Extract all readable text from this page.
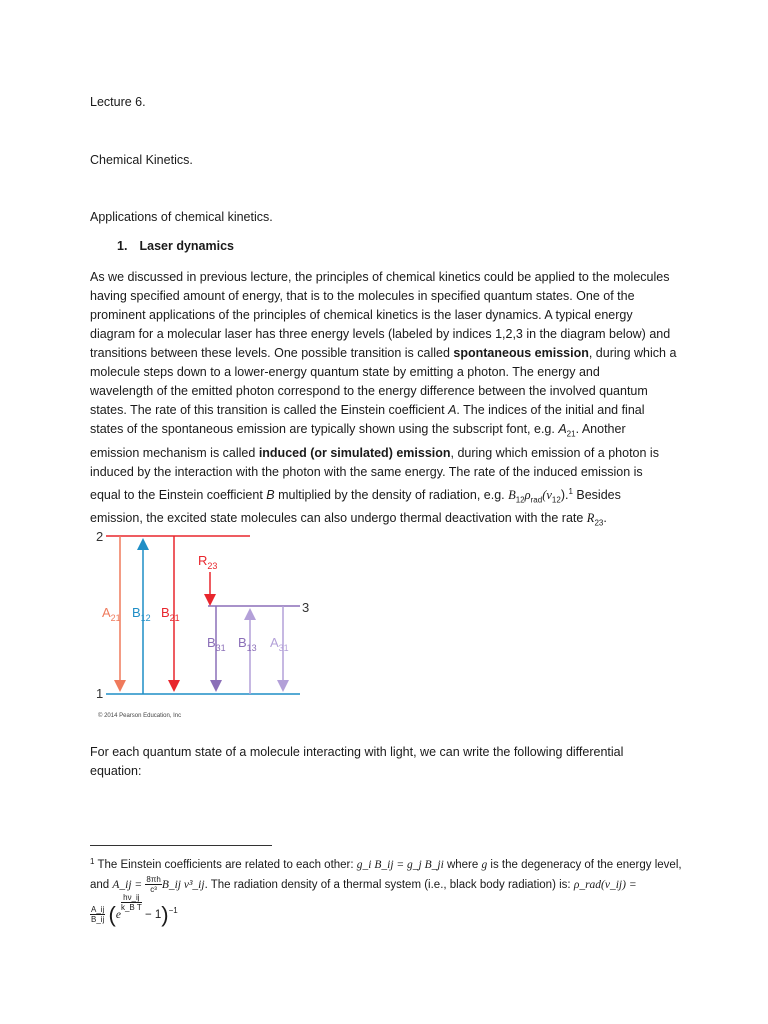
Lecture 6.
Chemical Kinetics.
Applications of chemical kinetics.
1. Laser dynamics
As we discussed in previous lecture, the principles of chemical kinetics could be applied to the molecules
having specified amount of energy, that is to the molecules in specified quantum states. One of the
prominent applications of the principles of chemical kinetics is the laser dynamics. A typical energy
diagram for a molecular laser has three energy levels (labeled by indices 1,2,3 in the diagram below) and
transitions between these levels. One possible transition is called spontaneous emission, during which a
molecule steps down to a lower-energy quantum state by emitting a photon. The energy and
wavelength of the emitted photon correspond to the energy difference between the involved quantum
states. The rate of this transition is called the Einstein coefficient A. The indices of the initial and final
states of the spontaneous emission are typically shown using the subscript font, e.g. $A_{21}$. Another
emission mechanism is called induced (or simulated) emission, during which emission of a photon is
induced by the interaction with the photon with the same energy. The rate of the induced emission is
equal to the Einstein coefficient B multiplied by the density of radiation, e.g. $B_{12}\rho_{rad}(\nu_{12}).^1$ Besides
emission, the excited state molecules can also undergo thermal deactivation with the rate $R_{23}$.
2
1
3
$A_{21}$ $B_{12}$ $B_{21}$
$R_{23}$
$B_{31}$ $B_{13}$ $A_{31}$
© 2014 Pearson Education, Inc
For each quantum state of a molecule interacting with light, we can write the following differential
equation:
$^1$ The Einstein coefficients are related to each other: g_i B_ij = g_j B_ji where g is the degeneracy of the energy level,
and A_ij = $\frac{8\pi h}{\text{c³}}$ B_ij ν³_ij. The radiation density of a thermal system (i.e., black body radiation) is: ρ_rad(ν_ij) =
$\frac{A\_ij}{B\_ij} (e$
$\frac{h\nu\_ij}{\text{k\_B T}}$
− 1)$^{-1}$
